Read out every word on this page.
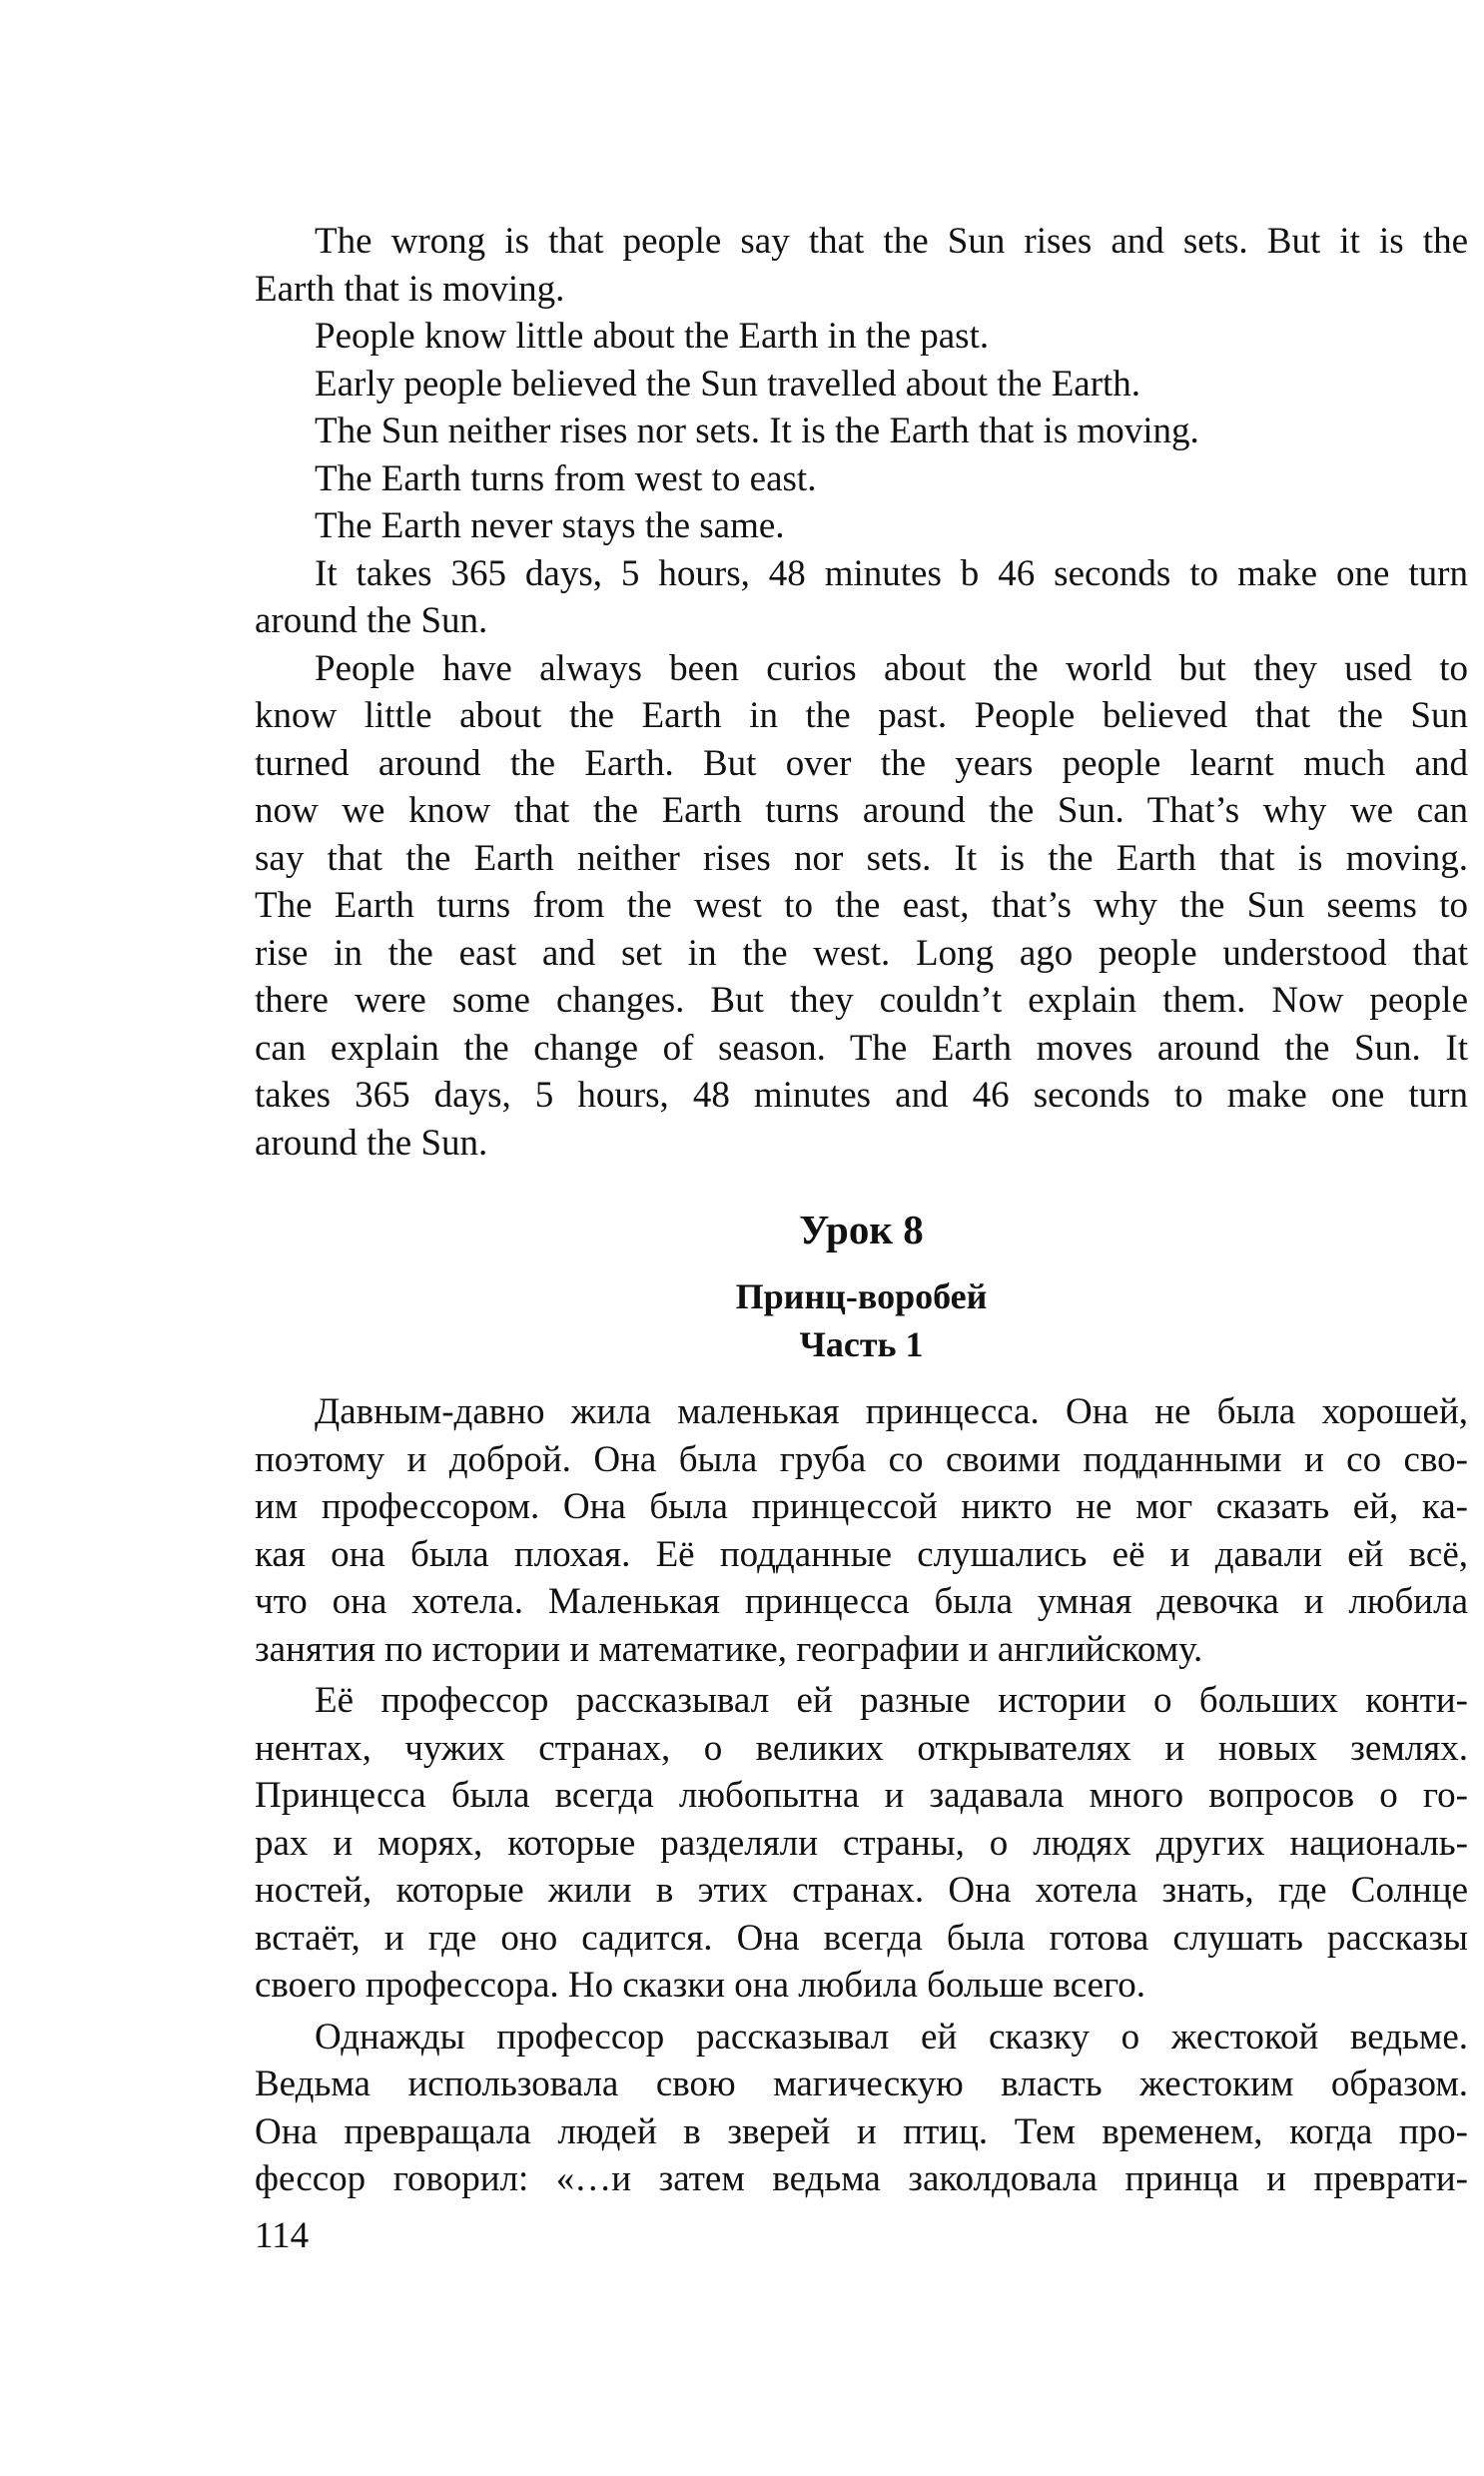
The wrong is that people say that the Sun rises and sets. But it is the
Earth that is moving.
People know little about the Earth in the past.
Early people believed the Sun travelled about the Earth.
The Sun neither rises nor sets. It is the Earth that is moving.
The Earth turns from west to east.
The Earth never stays the same.
It takes 365 days, 5 hours, 48 minutes b 46 seconds to make one turn
around the Sun.
People have always been curios about the world but they used to
know little about the Earth in the past. People believed that the Sun
turned around the Earth. But over the years people learnt much and
now we know that the Earth turns around the Sun. That’s why we can
say that the Earth neither rises nor sets. It is the Earth that is moving.
The Earth turns from the west to the east, that’s why the Sun seems to
rise in the east and set in the west. Long ago people understood that
there were some changes. But they couldn’t explain them. Now people
can explain the change of season. The Earth moves around the Sun. It
takes 365 days, 5 hours, 48 minutes and 46 seconds to make one turn
around the Sun.
Урок 8
Принц-воробей
Часть 1
Давным-давно жила маленькая принцесса. Она не была хорошей,
поэтому и доброй. Она была груба со своими подданными и со сво-
им профессором. Она была принцессой никто не мог сказать ей, ка-
кая она была плохая. Её подданные слушались её и давали ей всё,
что она хотела. Маленькая принцесса была умная девочка и любила
занятия по истории и математике, географии и английскому.
Её профессор рассказывал ей разные истории о больших конти-
нентах, чужих странах, о великих открывателях и новых землях.
Принцесса была всегда любопытна и задавала много вопросов о го-
рах и морях, которые разделяли страны, о людях других националь-
ностей, которые жили в этих странах. Она хотела знать, где Солнце
встаёт, и где оно садится. Она всегда была готова слушать рассказы
своего профессора. Но сказки она любила больше всего.
Однажды профессор рассказывал ей сказку о жестокой ведьме.
Ведьма использовала свою магическую власть жестоким образом.
Она превращала людей в зверей и птиц. Тем временем, когда про-
фессор говорил: «…и затем ведьма заколдовала принца и преврати-
114
